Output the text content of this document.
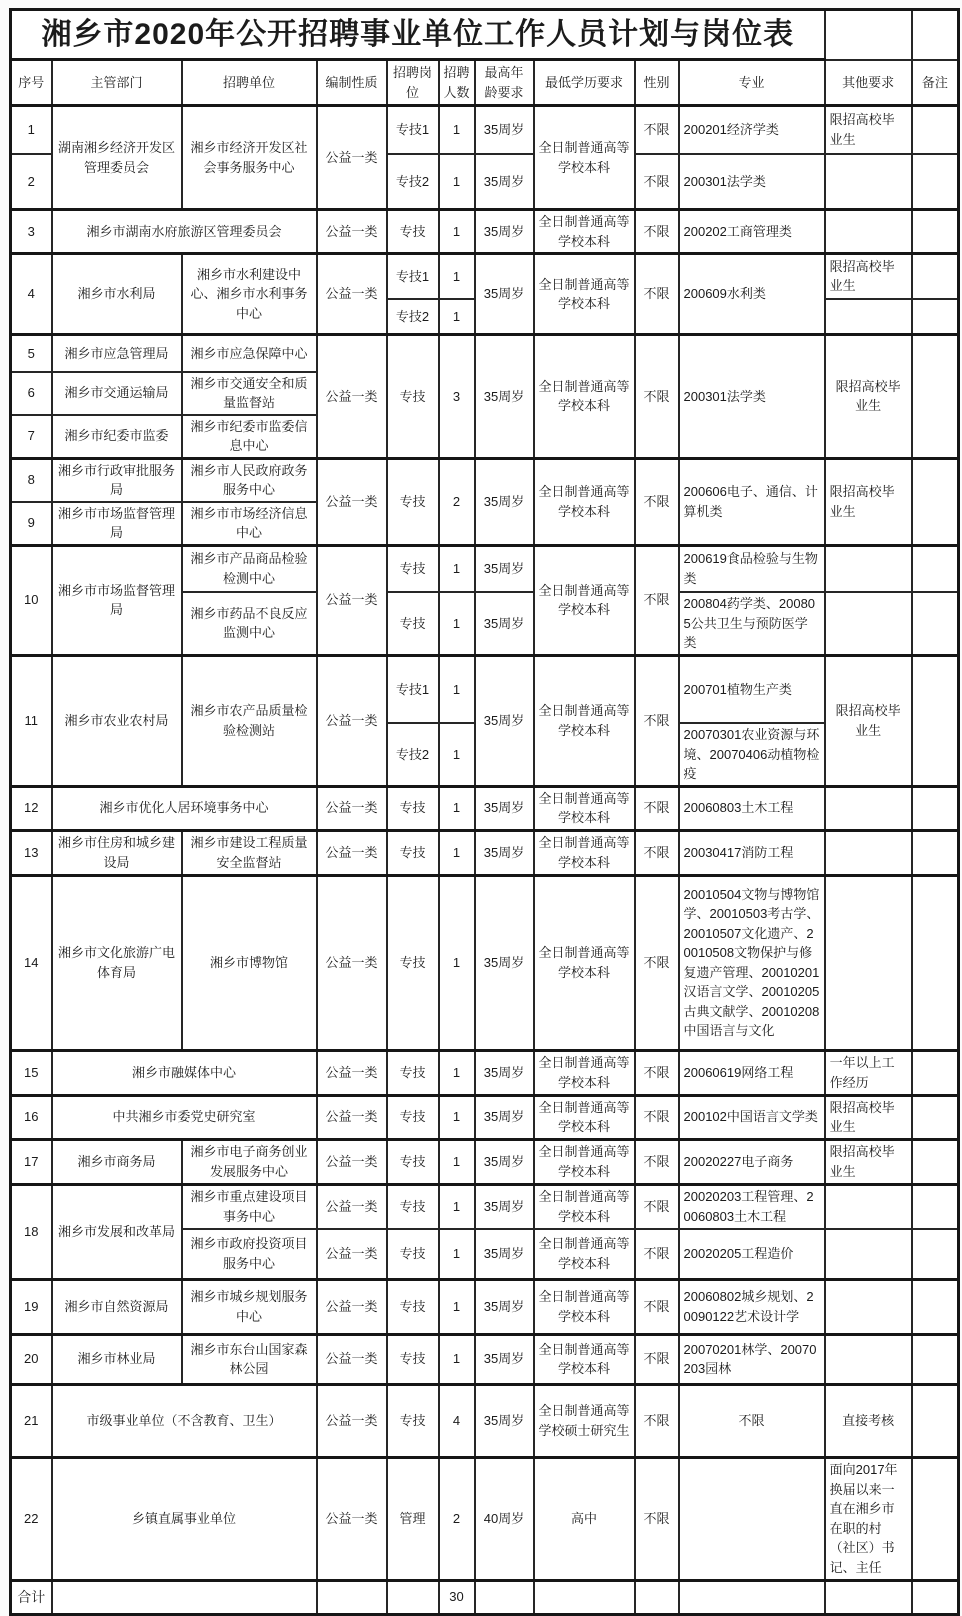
湘乡市2020年公开招聘事业单位工作人员计划与岗位表											
序号	主管部门	招聘单位	编制性质	招聘岗位	招聘人数	最高年龄要求	最低学历要求	性别	专业	其他要求	备注
1	湖南湘乡经济开发区管理委员会	湘乡市经济开发区社会事务服务中心	公益一类	专技1	1	35周岁	全日制普通高等学校本科	不限	200201经济学类	限招高校毕业生	
2				专技2	1	35周岁		不限	200301法学类		
3	湘乡市湖南水府旅游区管理委员会		公益一类	专技	1	35周岁	全日制普通高等学校本科	不限	200202工商管理类		
4	湘乡市水利局	湘乡市水利建设中心、湘乡市水利事务中心	公益一类	专技1	1	35周岁	全日制普通高等学校本科	不限	200609水利类	限招高校毕业生	
				专技2	1						
5	湘乡市应急管理局	湘乡市应急保障中心	公益一类	专技	3	35周岁	全日制普通高等学校本科	不限	200301法学类	限招高校毕业生	
6	湘乡市交通运输局	湘乡市交通安全和质量监督站									
7	湘乡市纪委市监委	湘乡市纪委市监委信息中心									
8	湘乡市行政审批服务局	湘乡市人民政府政务服务中心	公益一类	专技	2	35周岁	全日制普通高等学校本科	不限	200606电子、通信、计算机类	限招高校毕业生	
9	湘乡市市场监督管理局	湘乡市市场经济信息中心									
10	湘乡市市场监督管理局	湘乡市产品商品检验检测中心	公益一类	专技	1	35周岁	全日制普通高等学校本科	不限	200619食品检验与生物类		
		湘乡市药品不良反应监测中心		专技	1	35周岁			200804药学类、200805公共卫生与预防医学类		
11	湘乡市农业农村局	湘乡市农产品质量检验检测站	公益一类	专技1	1	35周岁	全日制普通高等学校本科	不限	200701植物生产类	限招高校毕业生	
				专技2	1				20070301农业资源与环境、20070406动植物检疫		
12	湘乡市优化人居环境事务中心		公益一类	专技	1	35周岁	全日制普通高等学校本科	不限	20060803土木工程		
13	湘乡市住房和城乡建设局	湘乡市建设工程质量安全监督站	公益一类	专技	1	35周岁	全日制普通高等学校本科	不限	20030417消防工程		
14	湘乡市文化旅游广电体育局	湘乡市博物馆	公益一类	专技	1	35周岁	全日制普通高等学校本科	不限	20010504文物与博物馆学、20010503考古学、20010507文化遗产、20010508文物保护与修复遗产管理、20010201汉语言文学、20010205古典文献学、20010208中国语言与文化		
15	湘乡市融媒体中心		公益一类	专技	1	35周岁	全日制普通高等学校本科	不限	20060619网络工程	一年以上工作经历	
16	中共湘乡市委党史研究室		公益一类	专技	1	35周岁	全日制普通高等学校本科	不限	200102中国语言文学类	限招高校毕业生	
17	湘乡市商务局	湘乡市电子商务创业发展服务中心	公益一类	专技	1	35周岁	全日制普通高等学校本科	不限	20020227电子商务	限招高校毕业生	
18	湘乡市发展和改革局	湘乡市重点建设项目事务中心	公益一类	专技	1	35周岁	全日制普通高等学校本科	不限	20020203工程管理、20060803土木工程		
		湘乡市政府投资项目服务中心	公益一类	专技	1	35周岁	全日制普通高等学校本科	不限	20020205工程造价		
19	湘乡市自然资源局	湘乡市城乡规划服务中心	公益一类	专技	1	35周岁	全日制普通高等学校本科	不限	20060802城乡规划、20090122艺术设计学		
20	湘乡市林业局	湘乡市东台山国家森林公园	公益一类	专技	1	35周岁	全日制普通高等学校本科	不限	20070201林学、20070203园林		
21	市级事业单位（不含教育、卫生）		公益一类	专技	4	35周岁	全日制普通高等学校硕士研究生	不限	不限	直接考核	
22	乡镇直属事业单位		公益一类	管理	2	40周岁	高中	不限		面向2017年换届以来一直在湘乡市在职的村（社区）书记、主任	
合计					30						
